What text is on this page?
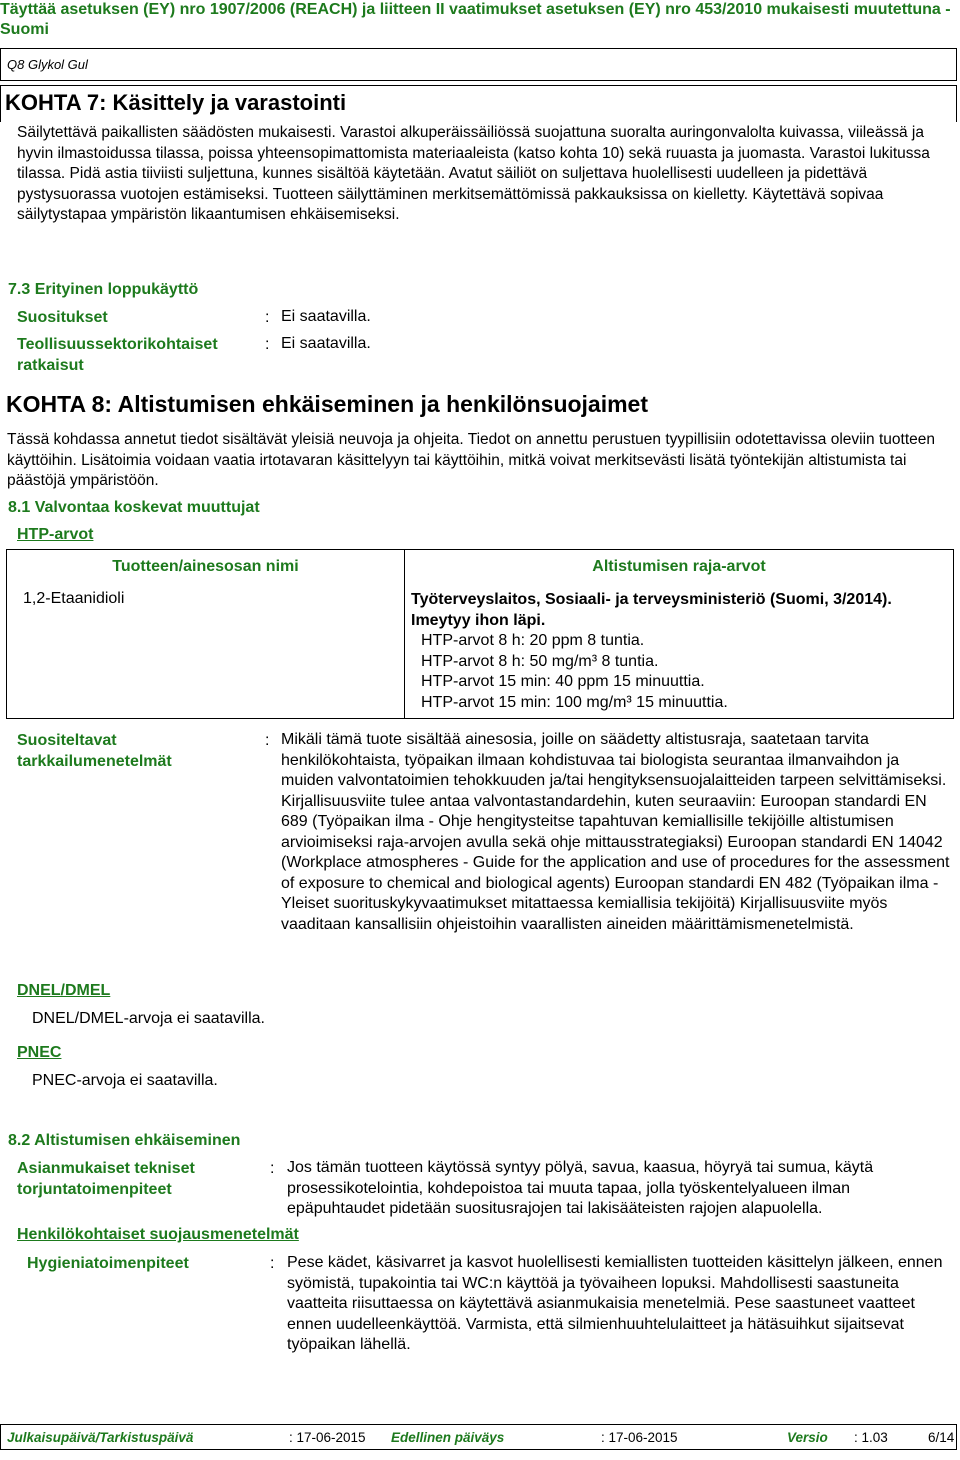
Täyttää asetuksen (EY) nro 1907/2006 (REACH) ja liitteen II vaatimukset asetuksen (EY) nro 453/2010 mukaisesti muutettuna - Suomi
Q8 Glykol Gul
KOHTA 7: Käsittely ja varastointi
Säilytettävä paikallisten säädösten mukaisesti. Varastoi alkuperäissäiliössä suojattuna suoralta auringonvalolta kuivassa, viileässä ja hyvin ilmastoidussa tilassa, poissa yhteensopimattomista materiaaleista (katso kohta 10) sekä ruuasta ja juomasta. Varastoi lukitussa tilassa. Pidä astia tiiviisti suljettuna, kunnes sisältöä käytetään. Avatut säiliöt on suljettava huolellisesti uudelleen ja pidettävä pystysuorassa vuotojen estämiseksi. Tuotteen säilyttäminen merkitsemättömissä pakkauksissa on kielletty. Käytettävä sopivaa säilytystapaa ympäristön likaantumisen ehkäisemiseksi.
7.3 Erityinen loppukäyttö
Suositukset	: Ei saatavilla.
Teollisuussektorikohtaiset ratkaisut
: Ei saatavilla.
KOHTA 8: Altistumisen ehkäiseminen ja henkilönsuojaimet
Tässä kohdassa annetut tiedot sisältävät yleisiä neuvoja ja ohjeita. Tiedot on annettu perustuen tyypillisiin odotettavissa oleviin tuotteen käyttöihin. Lisätoimia voidaan vaatia irtotavaran käsittelyyn tai käyttöihin, mitkä voivat merkitsevästi lisätä työntekijän altistumista tai päästöjä ympäristöön.
8.1 Valvontaa koskevat muuttujat
HTP-arvot
Tuotteen/ainesosan nimi	Altistumisen raja-arvot
1,2-Etaanidioli	Työterveyslaitos, Sosiaali- ja terveysministeriö (Suomi, 3/2014). Imeytyy ihon läpi.
HTP-arvot 8 h: 20 ppm 8 tuntia.
HTP-arvot 8 h: 50 mg/m³ 8 tuntia.
HTP-arvot 15 min: 40 ppm 15 minuuttia.
HTP-arvot 15 min: 100 mg/m³ 15 minuuttia.
Suositeltavat tarkkailumenetelmät
: Mikäli tämä tuote sisältää ainesosia, joille on säädetty altistusraja, saatetaan tarvita henkilökohtaista, työpaikan ilmaan kohdistuvaa tai biologista seurantaa ilmanvaihdon ja muiden valvontatoimien tehokkuuden ja/tai hengityksensuojalaitteiden tarpeen selvittämiseksi. Kirjallisuusviite tulee antaa valvontastandardehin, kuten seuraaviin: Euroopan standardi EN 689 (Työpaikan ilma - Ohje hengitysteitse tapahtuvan kemiallisille tekijöille altistumisen arvioimiseksi raja-arvojen avulla sekä ohje mittausstrategiaksi) Euroopan standardi EN 14042 (Workplace atmospheres - Guide for the application and use of procedures for the assessment of exposure to chemical and biological agents) Euroopan standardi EN 482 (Työpaikan ilma - Yleiset suorituskykyvaatimukset mitattaessa kemiallisia tekijöitä) Kirjallisuusviite myös vaaditaan kansallisiin ohjeistoihin vaarallisten aineiden määrittämismenetelmistä.
DNEL/DMEL
DNEL/DMEL-arvoja ei saatavilla.
PNEC
PNEC-arvoja ei saatavilla.
8.2 Altistumisen ehkäiseminen
Asianmukaiset tekniset torjuntatoimenpiteet
: Jos tämän tuotteen käytössä syntyy pölyä, savua, kaasua, höyryä tai sumua, käytä prosessikotelointia, kohdepoistoa tai muuta tapaa, jolla työskentelyalueen ilman epäpuhtaudet pidetään suositusrajojen tai lakisääteisten rajojen alapuolella.
Henkilökohtaiset suojausmenetelmät
Hygieniatoimenpiteet	: Pese kädet, käsivarret ja kasvot huolellisesti kemiallisten tuotteiden käsittelyn jälkeen, ennen syömistä, tupakointia tai WC:n käyttöä ja työvaiheen lopuksi. Mahdollisesti saastuneita vaatteita riisuttaessa on käytettävä asianmukaisia menetelmiä. Pese saastuneet vaatteet ennen uudelleenkäyttöä. Varmista, että silmienhuuhtelulaitteet ja hätäsuihkut sijaitsevat työpaikan lähellä.
Julkaisupäivä/Tarkistuspäivä	: 17-06-2015 Edellinen päiväys	: 17-06-2015	Versio : 1.03	6/14
